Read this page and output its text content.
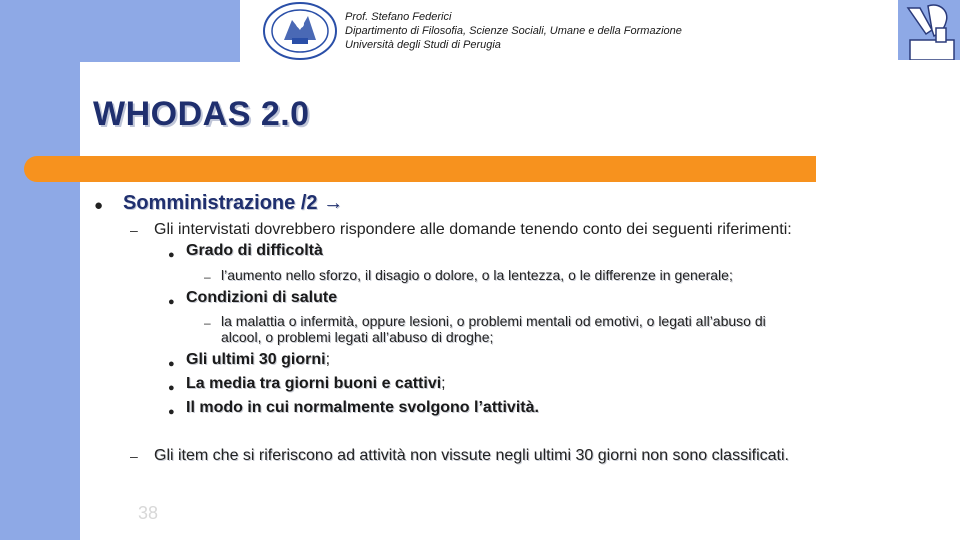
Prof. Stefano Federici
Dipartimento di Filosofia, Scienze Sociali, Umane e della Formazione
Università degli Studi di Perugia
WHODAS 2.0
● Somministrazione /2 →
– Gli intervistati dovrebbero rispondere alle domande tenendo conto dei seguenti riferimenti:
● Grado di difficoltà
– l’aumento nello sforzo, il disagio o dolore, o la lentezza, o le differenze in generale;
● Condizioni di salute
– la malattia o infermità, oppure lesioni, o problemi mentali od emotivi, o legati all’abuso di
alcool, o problemi legati all’abuso di droghe;
● Gli ultimi 30 giorni;
● La media tra giorni buoni e cattivi;
● Il modo in cui normalmente svolgono l’attività.
– Gli item che si riferiscono ad attività non vissute negli ultimi 30 giorni non sono classificati.
38
